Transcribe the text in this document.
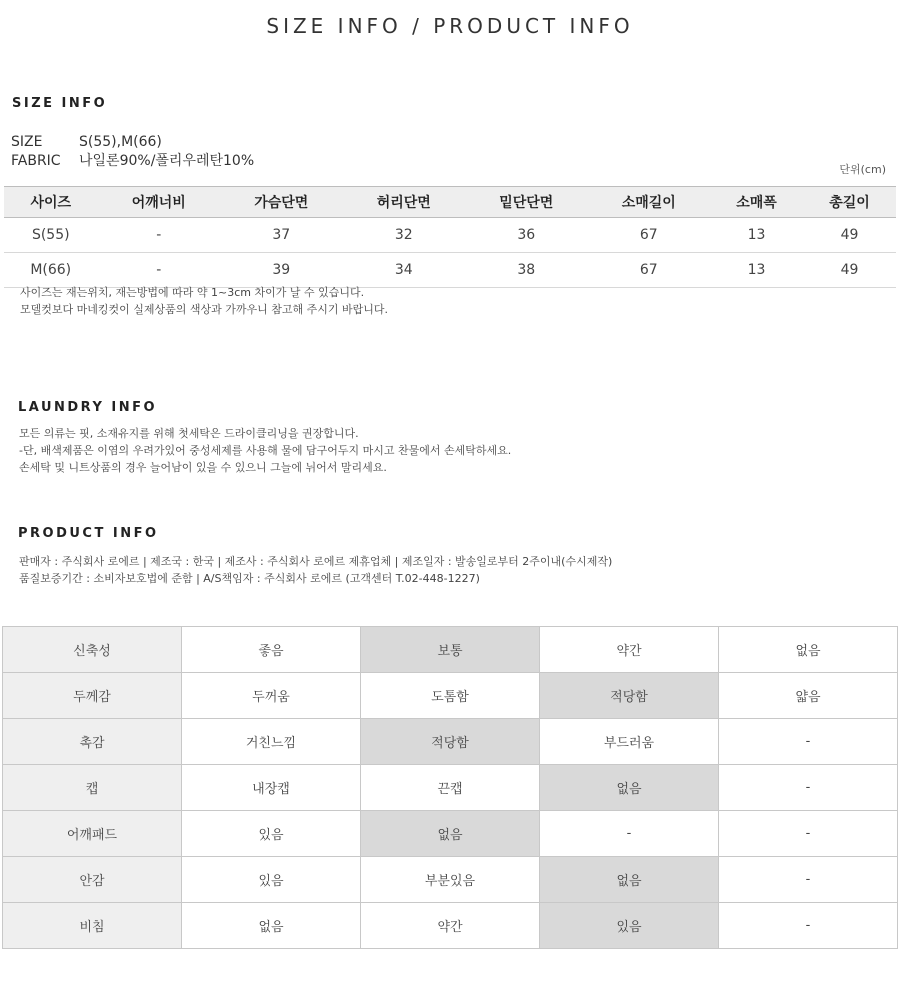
SIZE INFO / PRODUCT INFO
SIZE INFO
SIZE	S(55),M(66)
FABRIC 나일론90%/폴리우레탄10%
단위(cm)
사이즈	어깨너비	가슴단면	허리단면	밑단단면	소매길이	소매폭	총길이
S(55)	-	37	32	36	67	13	49
M(66)	-	39	34	38	67	13	49
사이즈는 재는위치, 재는방법에 따라 약 1~3cm 차이가 날 수 있습니다.
모델컷보다 마네킹컷이 실제상품의 색상과 가까우니 참고해 주시기 바랍니다.
LAUNDRY INFO
모든 의류는 핏, 소재유지를 위해 첫세탁은 드라이클리닝을 권장합니다.
-단, 배색제품은 이염의 우려가있어 중성세제를 사용해 물에 담구어두지 마시고 찬물에서 손세탁하세요.
손세탁 및 니트상품의 경우 늘어남이 있을 수 있으니 그늘에 뉘어서 말리세요.
PRODUCT INFO
판매자 : 주식회사 로에르 | 제조국 : 한국 | 제조사 : 주식회사 로에르 제휴업체 | 제조일자 : 발송일로부터 2주이내(수시제작)
품질보증기간 : 소비자보호법에 준함 | A/S책임자 : 주식회사 로에르 (고객센터 T.02-448-1227)
신축성	좋음	보통	약간	없음
두께감	두꺼움	도톰함	적당함	얇음
촉감	거친느낌	적당함	부드러움	-
캡	내장캡	끈캡	없음	-
어깨패드	있음	없음	-	-
안감	있음	부분있음	없음	-
비침	없음	약간	있음	-
